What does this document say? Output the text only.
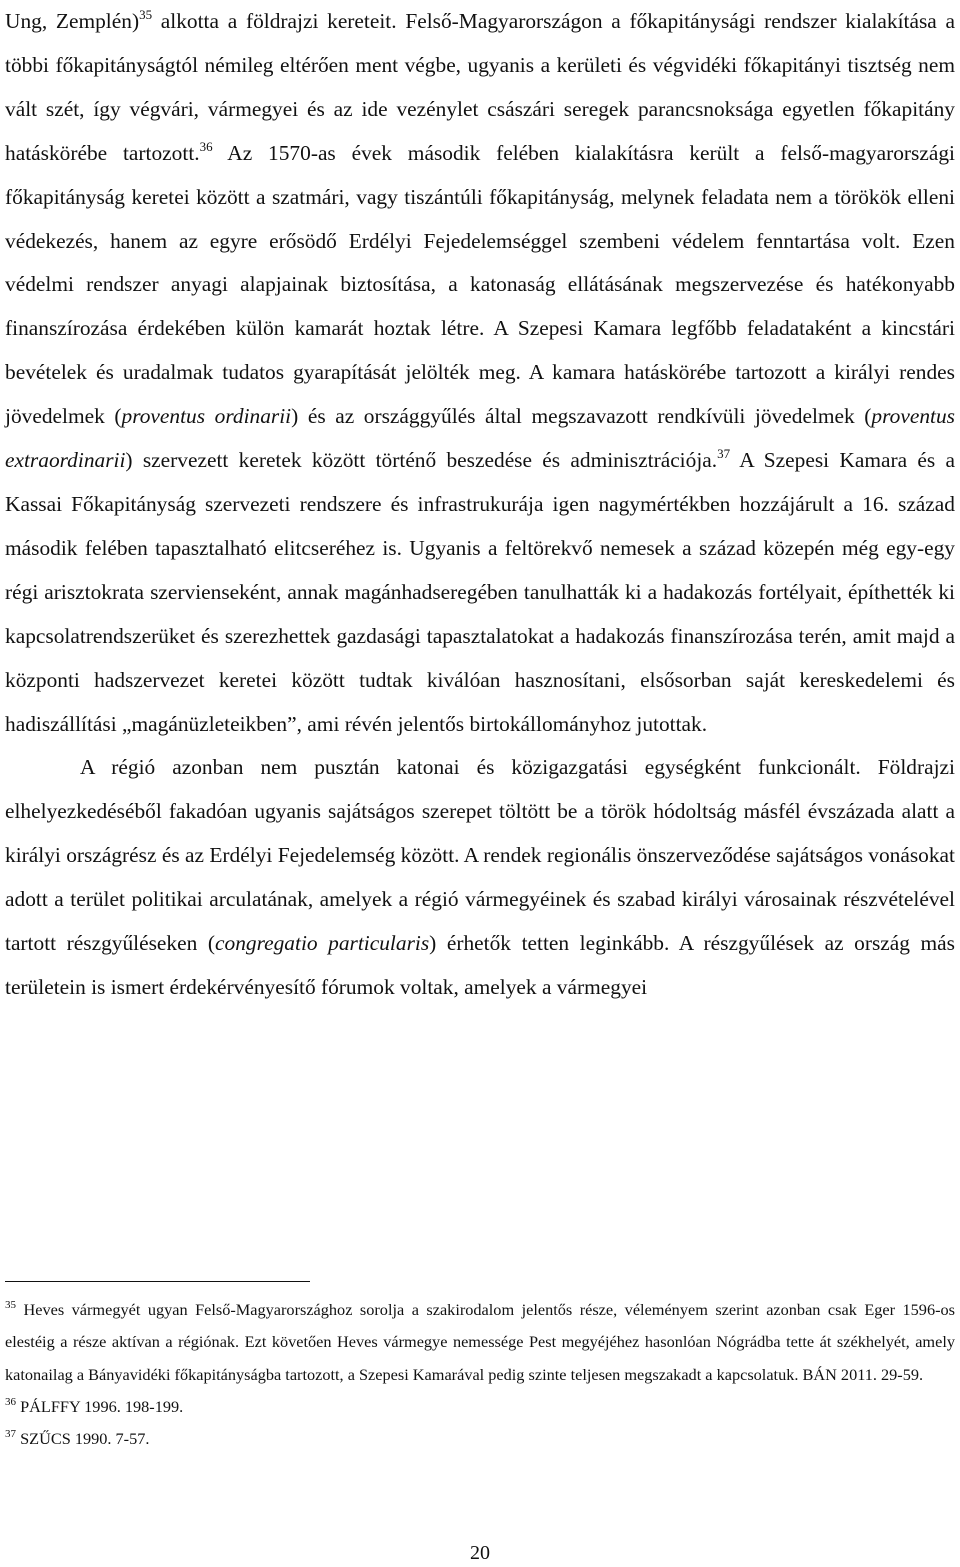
Ung, Zemplén)$^{35}$ alkotta a földrajzi kereteit. Felső-Magyarországon a főkapitánysági rendszer kialakítása a többi főkapitányságtól némileg eltérően ment végbe, ugyanis a kerületi és végvidéki főkapitányi tisztség nem vált szét, így végvári, vármegyei és az ide vezénylet császári seregek parancsnoksága egyetlen főkapitány hatáskörébe tartozott.$^{36}$ Az 1570-as évek második felében kialakításra került a felső-magyarországi főkapitányság keretei között a szatmári, vagy tiszántúli főkapitányság, melynek feladata nem a törökök elleni védekezés, hanem az egyre erősödő Erdélyi Fejedelemséggel szembeni védelem fenntartása volt. Ezen védelmi rendszer anyagi alapjainak biztosítása, a katonaság ellátásának megszervezése és hatékonyabb finanszírozása érdekében külön kamarát hoztak létre. A Szepesi Kamara legfőbb feladataként a kincstári bevételek és uradalmak tudatos gyarapítását jelölték meg. A kamara hatáskörébe tartozott a királyi rendes jövedelmek (proventus ordinarii) és az országgyűlés által megszavazott rendkívüli jövedelmek (proventus extraordinarii) szervezett keretek között történő beszedése és adminisztrációja.$^{37}$ A Szepesi Kamara és a Kassai Főkapitányság szervezeti rendszere és infrastrukurája igen nagymértékben hozzájárult a 16. század második felében tapasztalható elitcseréhez is. Ugyanis a feltörekvő nemesek a század közepén még egy-egy régi arisztokrata szervienseként, annak magánhadseregében tanulhatták ki a hadakozás fortélyait, építhették ki kapcsolatrendszerüket és szerezhettek gazdasági tapasztalatokat a hadakozás finanszírozása terén, amit majd a központi hadszervezet keretei között tudtak kiválóan hasznosítani, elsősorban saját kereskedelemi és hadiszállítási „magánüzleteikben”, ami révén jelentős birtokállományhoz jutottak.

A régió azonban nem pusztán katonai és közigazgatási egységként funkcionált. Földrajzi elhelyezkedéséből fakadóan ugyanis sajátságos szerepet töltött be a török hódoltság másfél évszázada alatt a királyi országrész és az Erdélyi Fejedelemség között. A rendek regionális önszerveződése sajátságos vonásokat adott a terület politikai arculatának, amelyek a régió vármegyéinek és szabad királyi városainak részvételével tartott részgyűléseken (congregatio particularis) érhetők tetten leginkább. A részgyűlések az ország más területein is ismert érdekérvényesítő fórumok voltak, amelyek a vármegyei

$^{35}$ Heves vármegyét ugyan Felső-Magyarországhoz sorolja a szakirodalom jelentős része, véleményem szerint azonban csak Eger 1596-os elestéig a része aktívan a régiónak. Ezt követően Heves vármegye nemessége Pest megyéjéhez hasonlóan Nógrádba tette át székhelyét, amely katonailag a Bányavidéki főkapitányságba tartozott, a Szepesi Kamarával pedig szinte teljesen megszakadt a kapcsolatuk. BÁN 2011. 29-59.

$^{36}$ PÁLFFY 1996. 198-199.

$^{37}$ SZŰCS 1990. 7-57.

20
